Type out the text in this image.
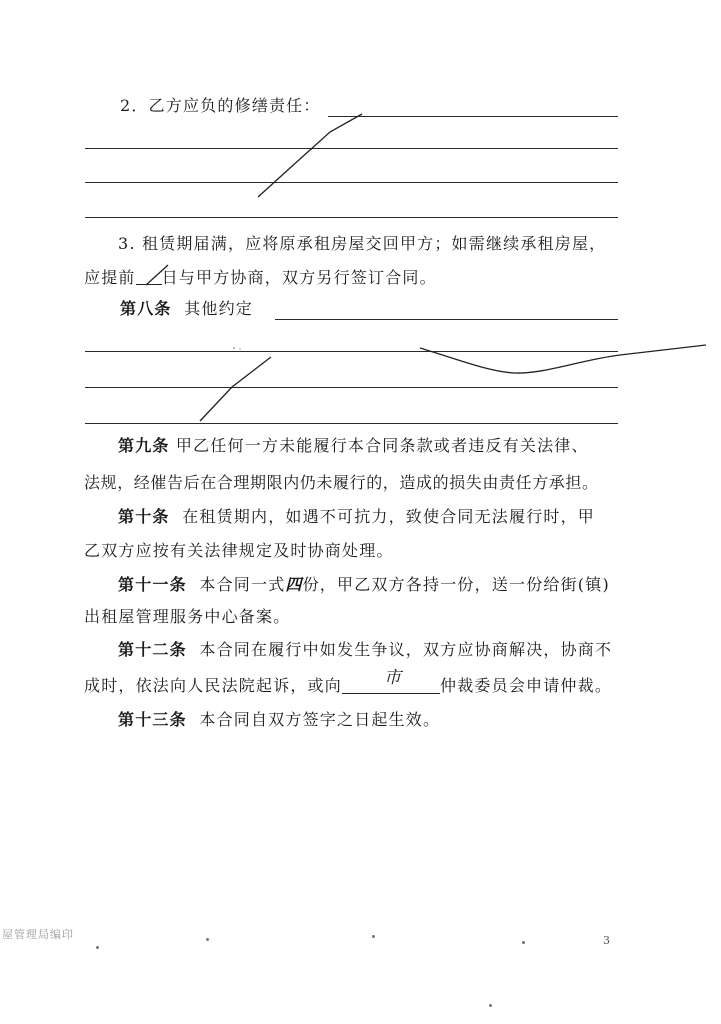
2．乙方应负的修缮责任：
3. 租赁期届满，应将原承租房屋交回甲方；如需继续承租房屋，
应提前 日与甲方协商，双方另行签订合同。
第八条 其他约定
第九条 甲乙任何一方未能履行本合同条款或者违反有关法律、
法规，经催告后在合理期限内仍未履行的，造成的损失由责任方承担。
第十条 在租赁期内，如遇不可抗力，致使合同无法履行时，甲
乙双方应按有关法律规定及时协商处理。
第十一条 本合同一式四份，甲乙双方各持一份，送一份给街(镇)
出租屋管理服务中心备案。
第十二条 本合同在履行中如发生争议，双方应协商解决，协商不
成时，依法向人民法院起诉，或向 市 仲裁委员会申请仲裁。
第十三条 本合同自双方签字之日起生效。
屋管理局编印	3
